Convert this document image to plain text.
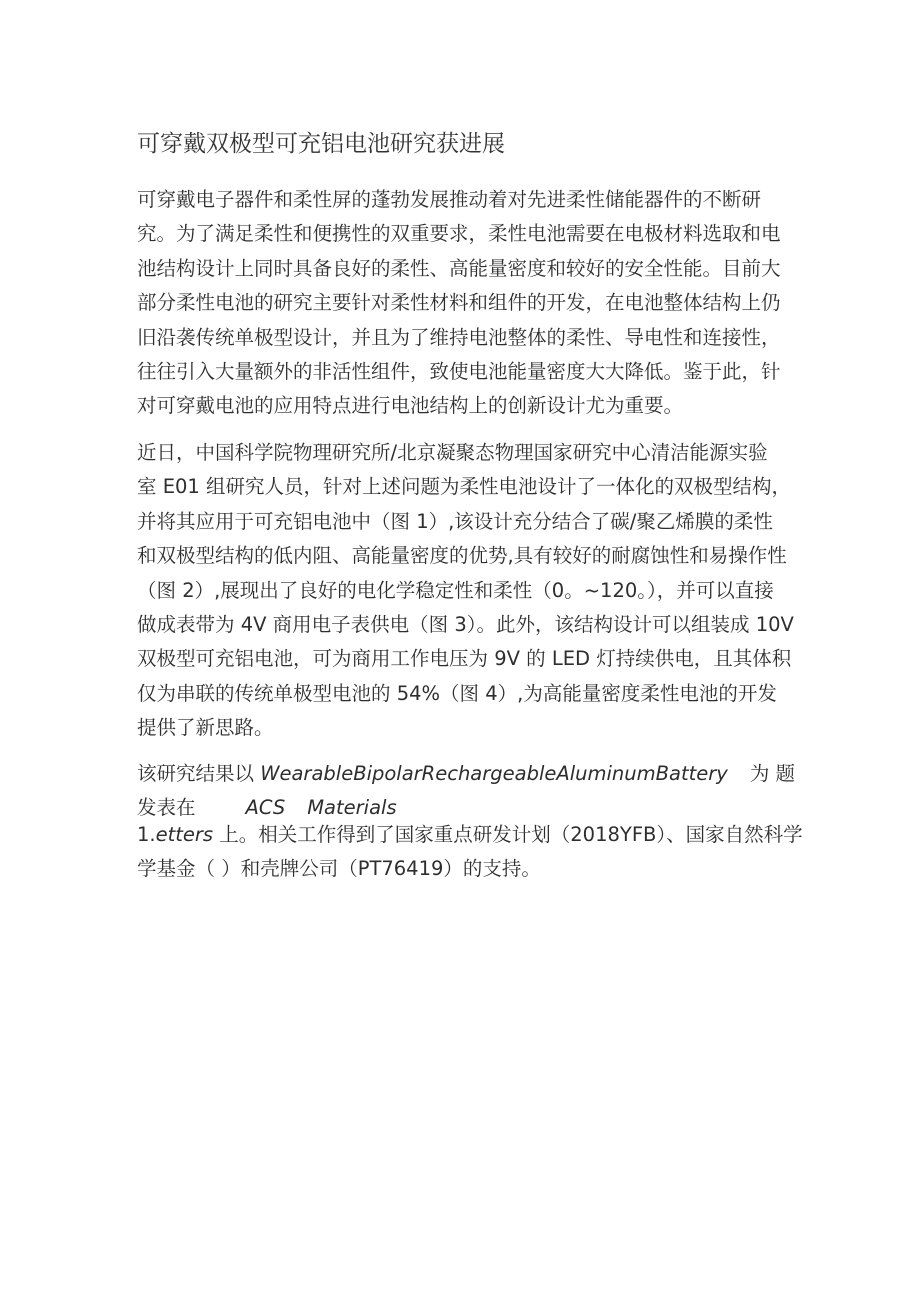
可穿戴双极型可充铝电池研究获进展

可穿戴电子器件和柔性屏的蓬勃发展推动着对先进柔性储能器件的不断研
究。为了满足柔性和便携性的双重要求，柔性电池需要在电极材料选取和电
池结构设计上同时具备良好的柔性、高能量密度和较好的安全性能。目前大
部分柔性电池的研究主要针对柔性材料和组件的开发，在电池整体结构上仍
旧沿袭传统单极型设计，并且为了维持电池整体的柔性、导电性和连接性，
往往引入大量额外的非活性组件，致使电池能量密度大大降低。鉴于此，针
对可穿戴电池的应用特点进行电池结构上的创新设计尤为重要。

近日，中国科学院物理研究所/北京凝聚态物理国家研究中心清洁能源实验
室 E01 组研究人员，针对上述问题为柔性电池设计了一体化的双极型结构，
并将其应用于可充铝电池中（图 1）,该设计充分结合了碳/聚乙烯膜的柔性
和双极型结构的低内阻、高能量密度的优势,具有较好的耐腐蚀性和易操作性
（图 2）,展现出了良好的电化学稳定性和柔性（0。~120。），并可以直接
做成表带为 4V 商用电子表供电（图 3）。此外，该结构设计可以组装成 10V
双极型可充铝电池，可为商用工作电压为 9V 的 LED 灯持续供电，且其体积
仅为串联的传统单极型电池的 54%（图 4）,为高能量密度柔性电池的开发
提供了新思路。

该研究结果以 WearableBipolarRechargeableAluminumBattery 为 题
发表在	ACS Materials

1.etters 上。相关工作得到了国家重点研发计划（2018YFB）、国家自然科学
学基金（ ）和壳牌公司（PT76419）的支持。
